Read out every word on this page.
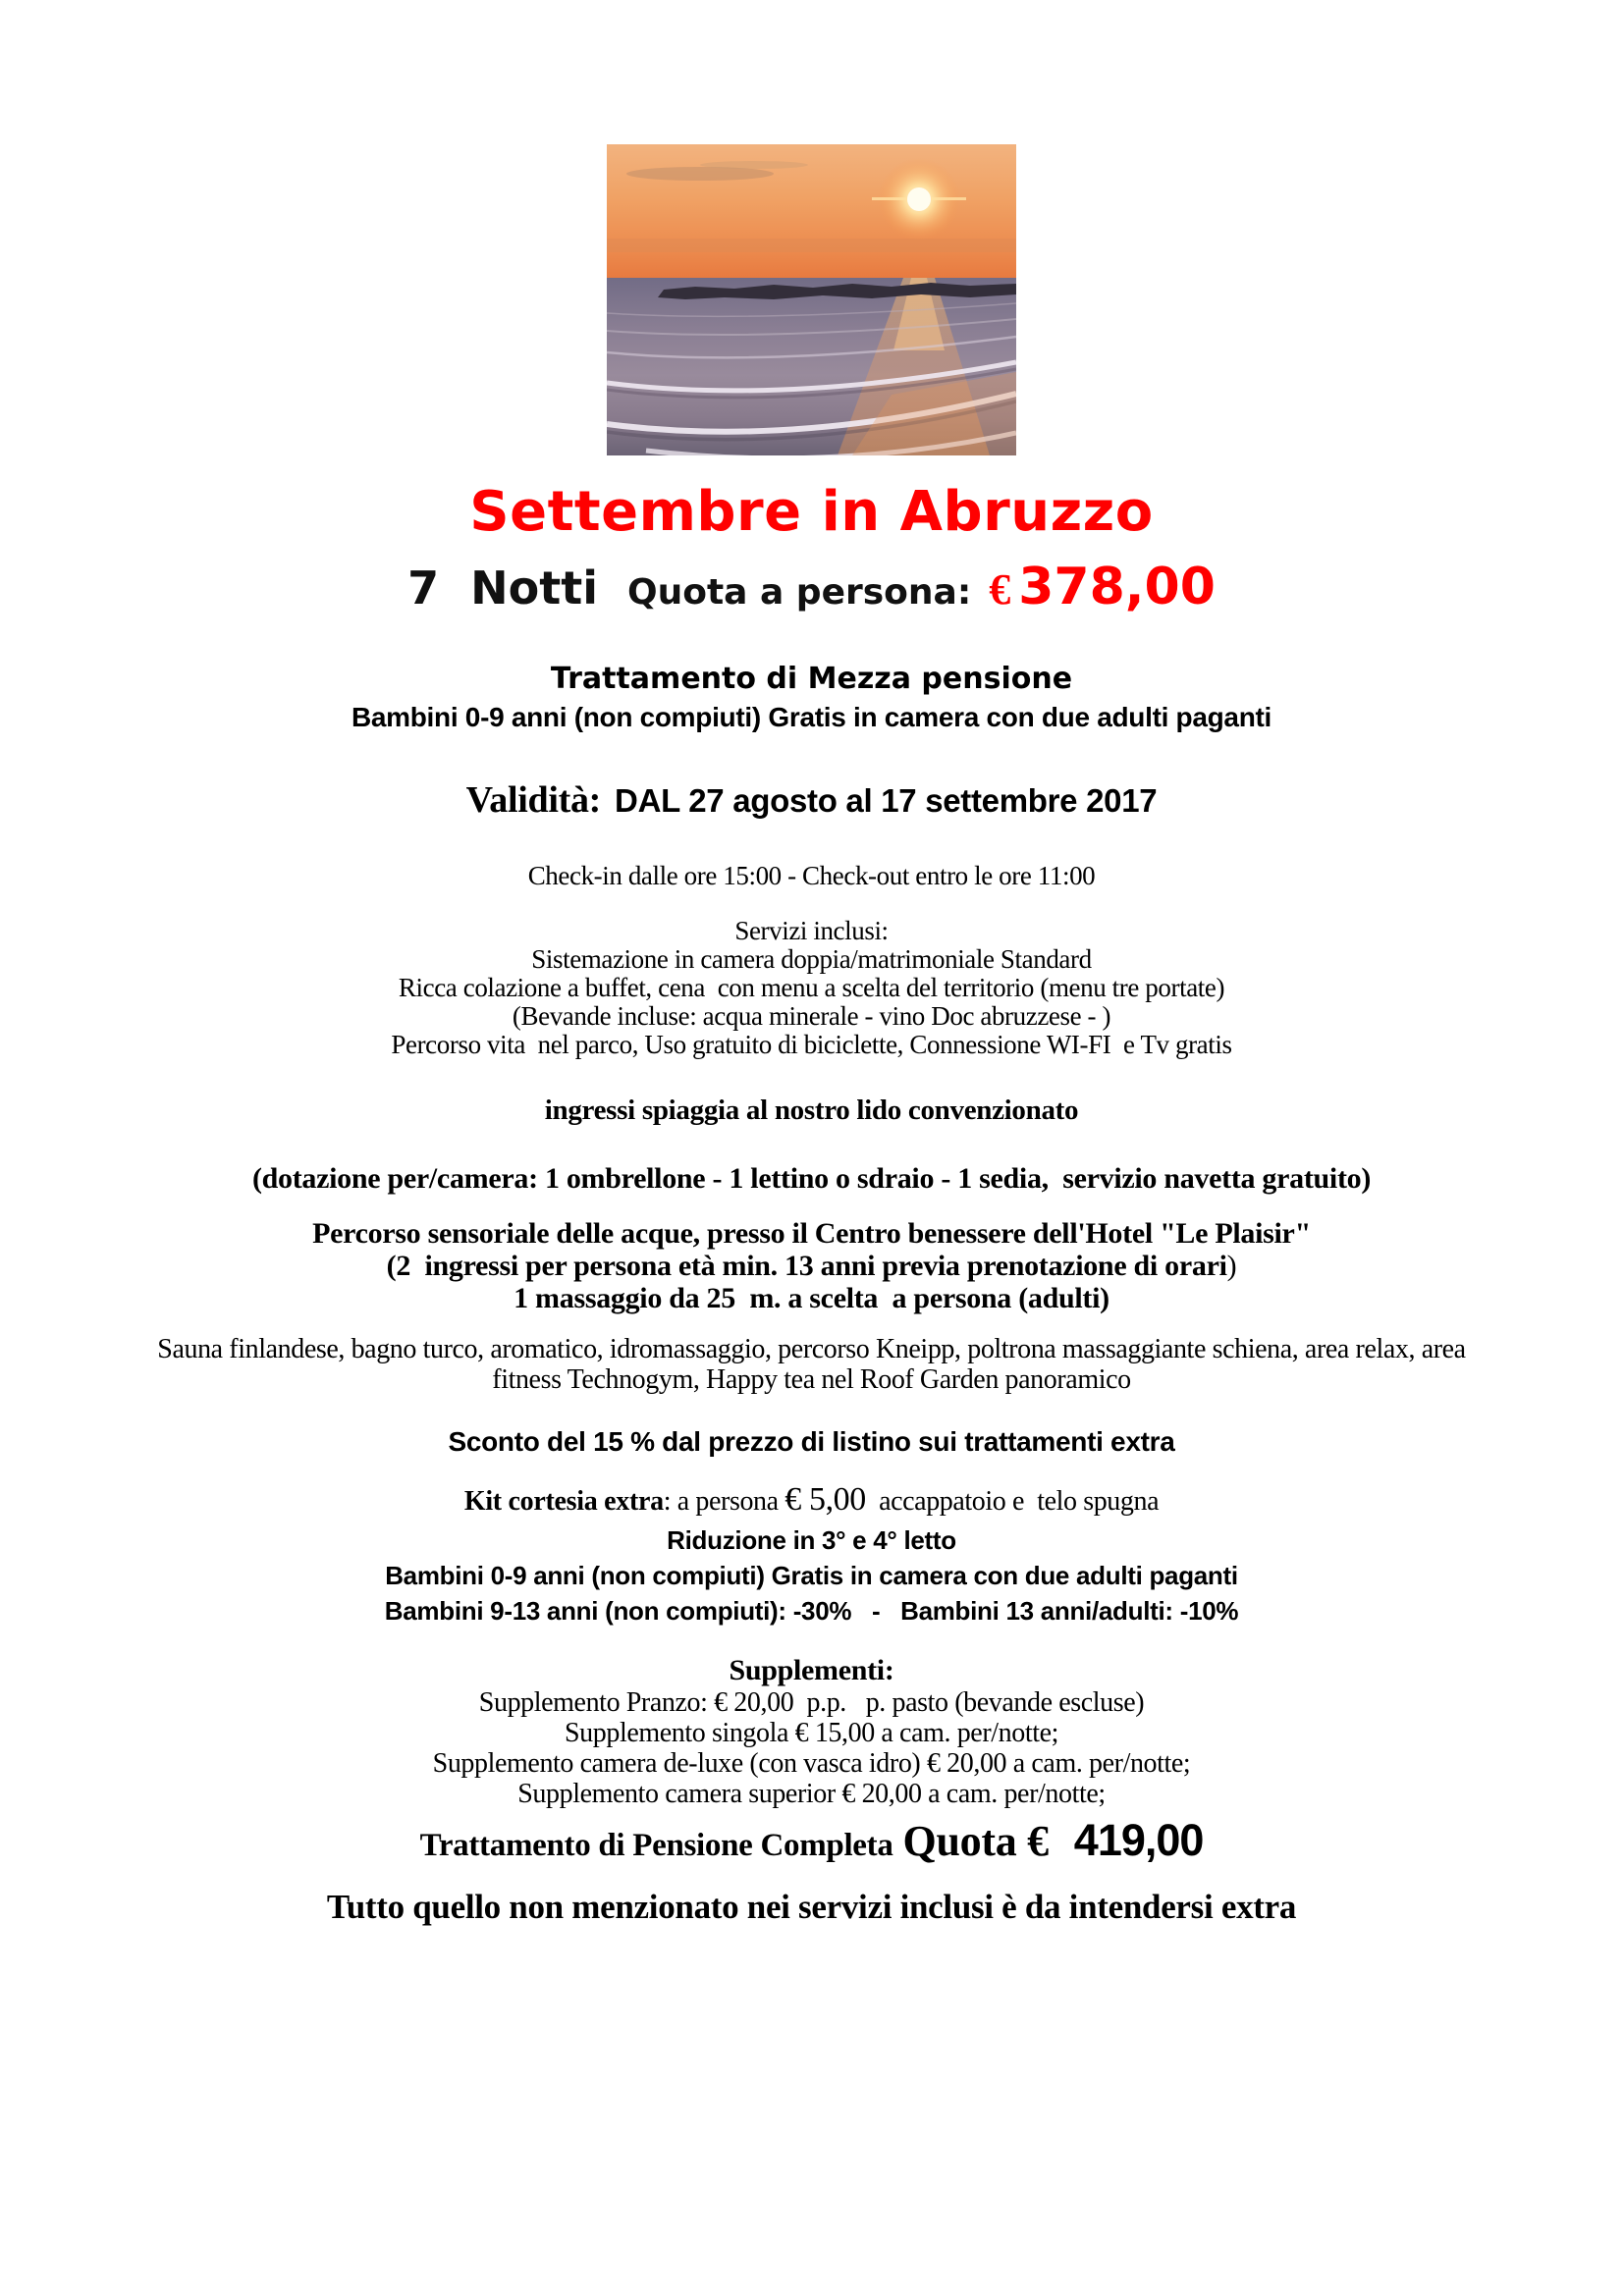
Settembre in Abruzzo
7  Notti Quota a persona: € 378,00
Trattamento di Mezza pensione
Bambini 0-9 anni (non compiuti) Gratis in camera con due adulti paganti
Validità: DAL 27 agosto al 17 settembre 2017
Check-in dalle ore 15:00 - Check-out entro le ore 11:00
Servizi inclusi:
Sistemazione in camera doppia/matrimoniale Standard
Ricca colazione a buffet, cena  con menu a scelta del territorio (menu tre portate)
(Bevande incluse: acqua minerale - vino Doc abruzzese - )
Percorso vita  nel parco, Uso gratuito di biciclette, Connessione WI-FI  e Tv gratis
ingressi spiaggia al nostro lido convenzionato
(dotazione per/camera: 1 ombrellone - 1 lettino o sdraio - 1 sedia,  servizio navetta gratuito)
Percorso sensoriale delle acque, presso il Centro benessere dell'Hotel "Le Plaisir"
(2  ingressi per persona età min. 13 anni previa prenotazione di orari)
1 massaggio da 25  m. a scelta  a persona (adulti)
Sauna finlandese, bagno turco, aromatico, idromassaggio, percorso Kneipp, poltrona massaggiante schiena, area relax, area
fitness Technogym, Happy tea nel Roof Garden panoramico
Sconto del 15 % dal prezzo di listino sui trattamenti extra
Kit cortesia extra: a persona € 5,00  accappatoio e  telo spugna
Riduzione in 3° e 4° letto
Bambini 0-9 anni (non compiuti) Gratis in camera con due adulti paganti
Bambini 9-13 anni (non compiuti): -30%   -   Bambini 13 anni/adulti: -10%
Supplementi:
Supplemento Pranzo: € 20,00  p.p.   p. pasto (bevande escluse)
Supplemento singola € 15,00 a cam. per/notte;
Supplemento camera de-luxe (con vasca idro) € 20,00 a cam. per/notte;
Supplemento camera superior € 20,00 a cam. per/notte;
Trattamento di Pensione Completa Quota € 419,00
Tutto quello non menzionato nei servizi inclusi è da intendersi extra
